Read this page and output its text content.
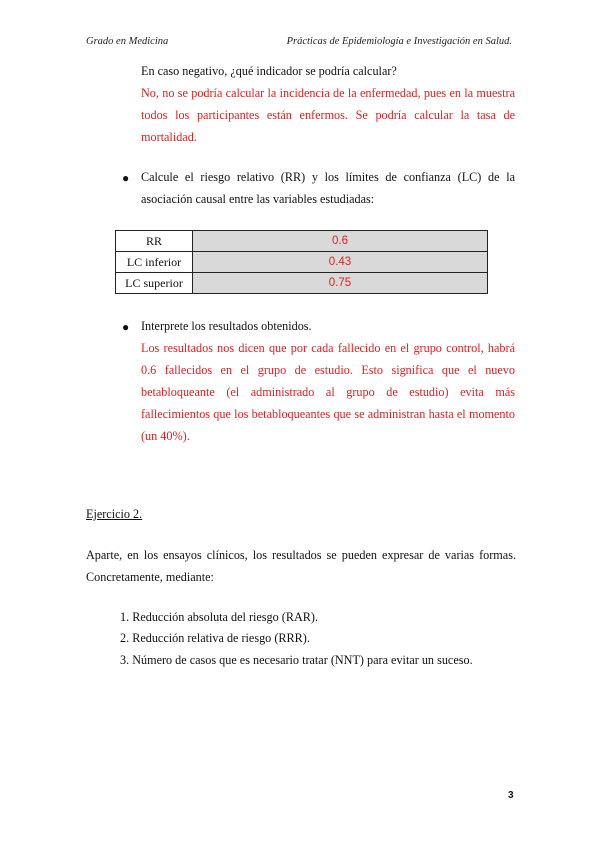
Grado en Medicina	Prácticas de Epidemiología e Investigación en Salud.
En caso negativo, ¿qué indicador se podría calcular?
No, no se podría calcular la incidencia de la enfermedad, pues en la muestra todos los participantes están enfermos. Se podría calcular la tasa de mortalidad.
● Calcule el riesgo relativo (RR) y los límites de confianza (LC) de la asociación causal entre las variables estudiadas:
RR	0.6
LC inferior	0.43
LC superior	0.75
● Interprete los resultados obtenidos.
Los resultados nos dicen que por cada fallecido en el grupo control, habrá 0.6 fallecidos en el grupo de estudio. Esto significa que el nuevo betabloqueante (el administrado al grupo de estudio) evita más fallecimientos que los betabloqueantes que se administran hasta el momento (un 40%).
Ejercicio 2.
Aparte, en los ensayos clínicos, los resultados se pueden expresar de varias formas. Concretamente, mediante:
1. Reducción absoluta del riesgo (RAR).
2. Reducción relativa de riesgo (RRR).
3. Número de casos que es necesario tratar (NNT) para evitar un suceso.
3
